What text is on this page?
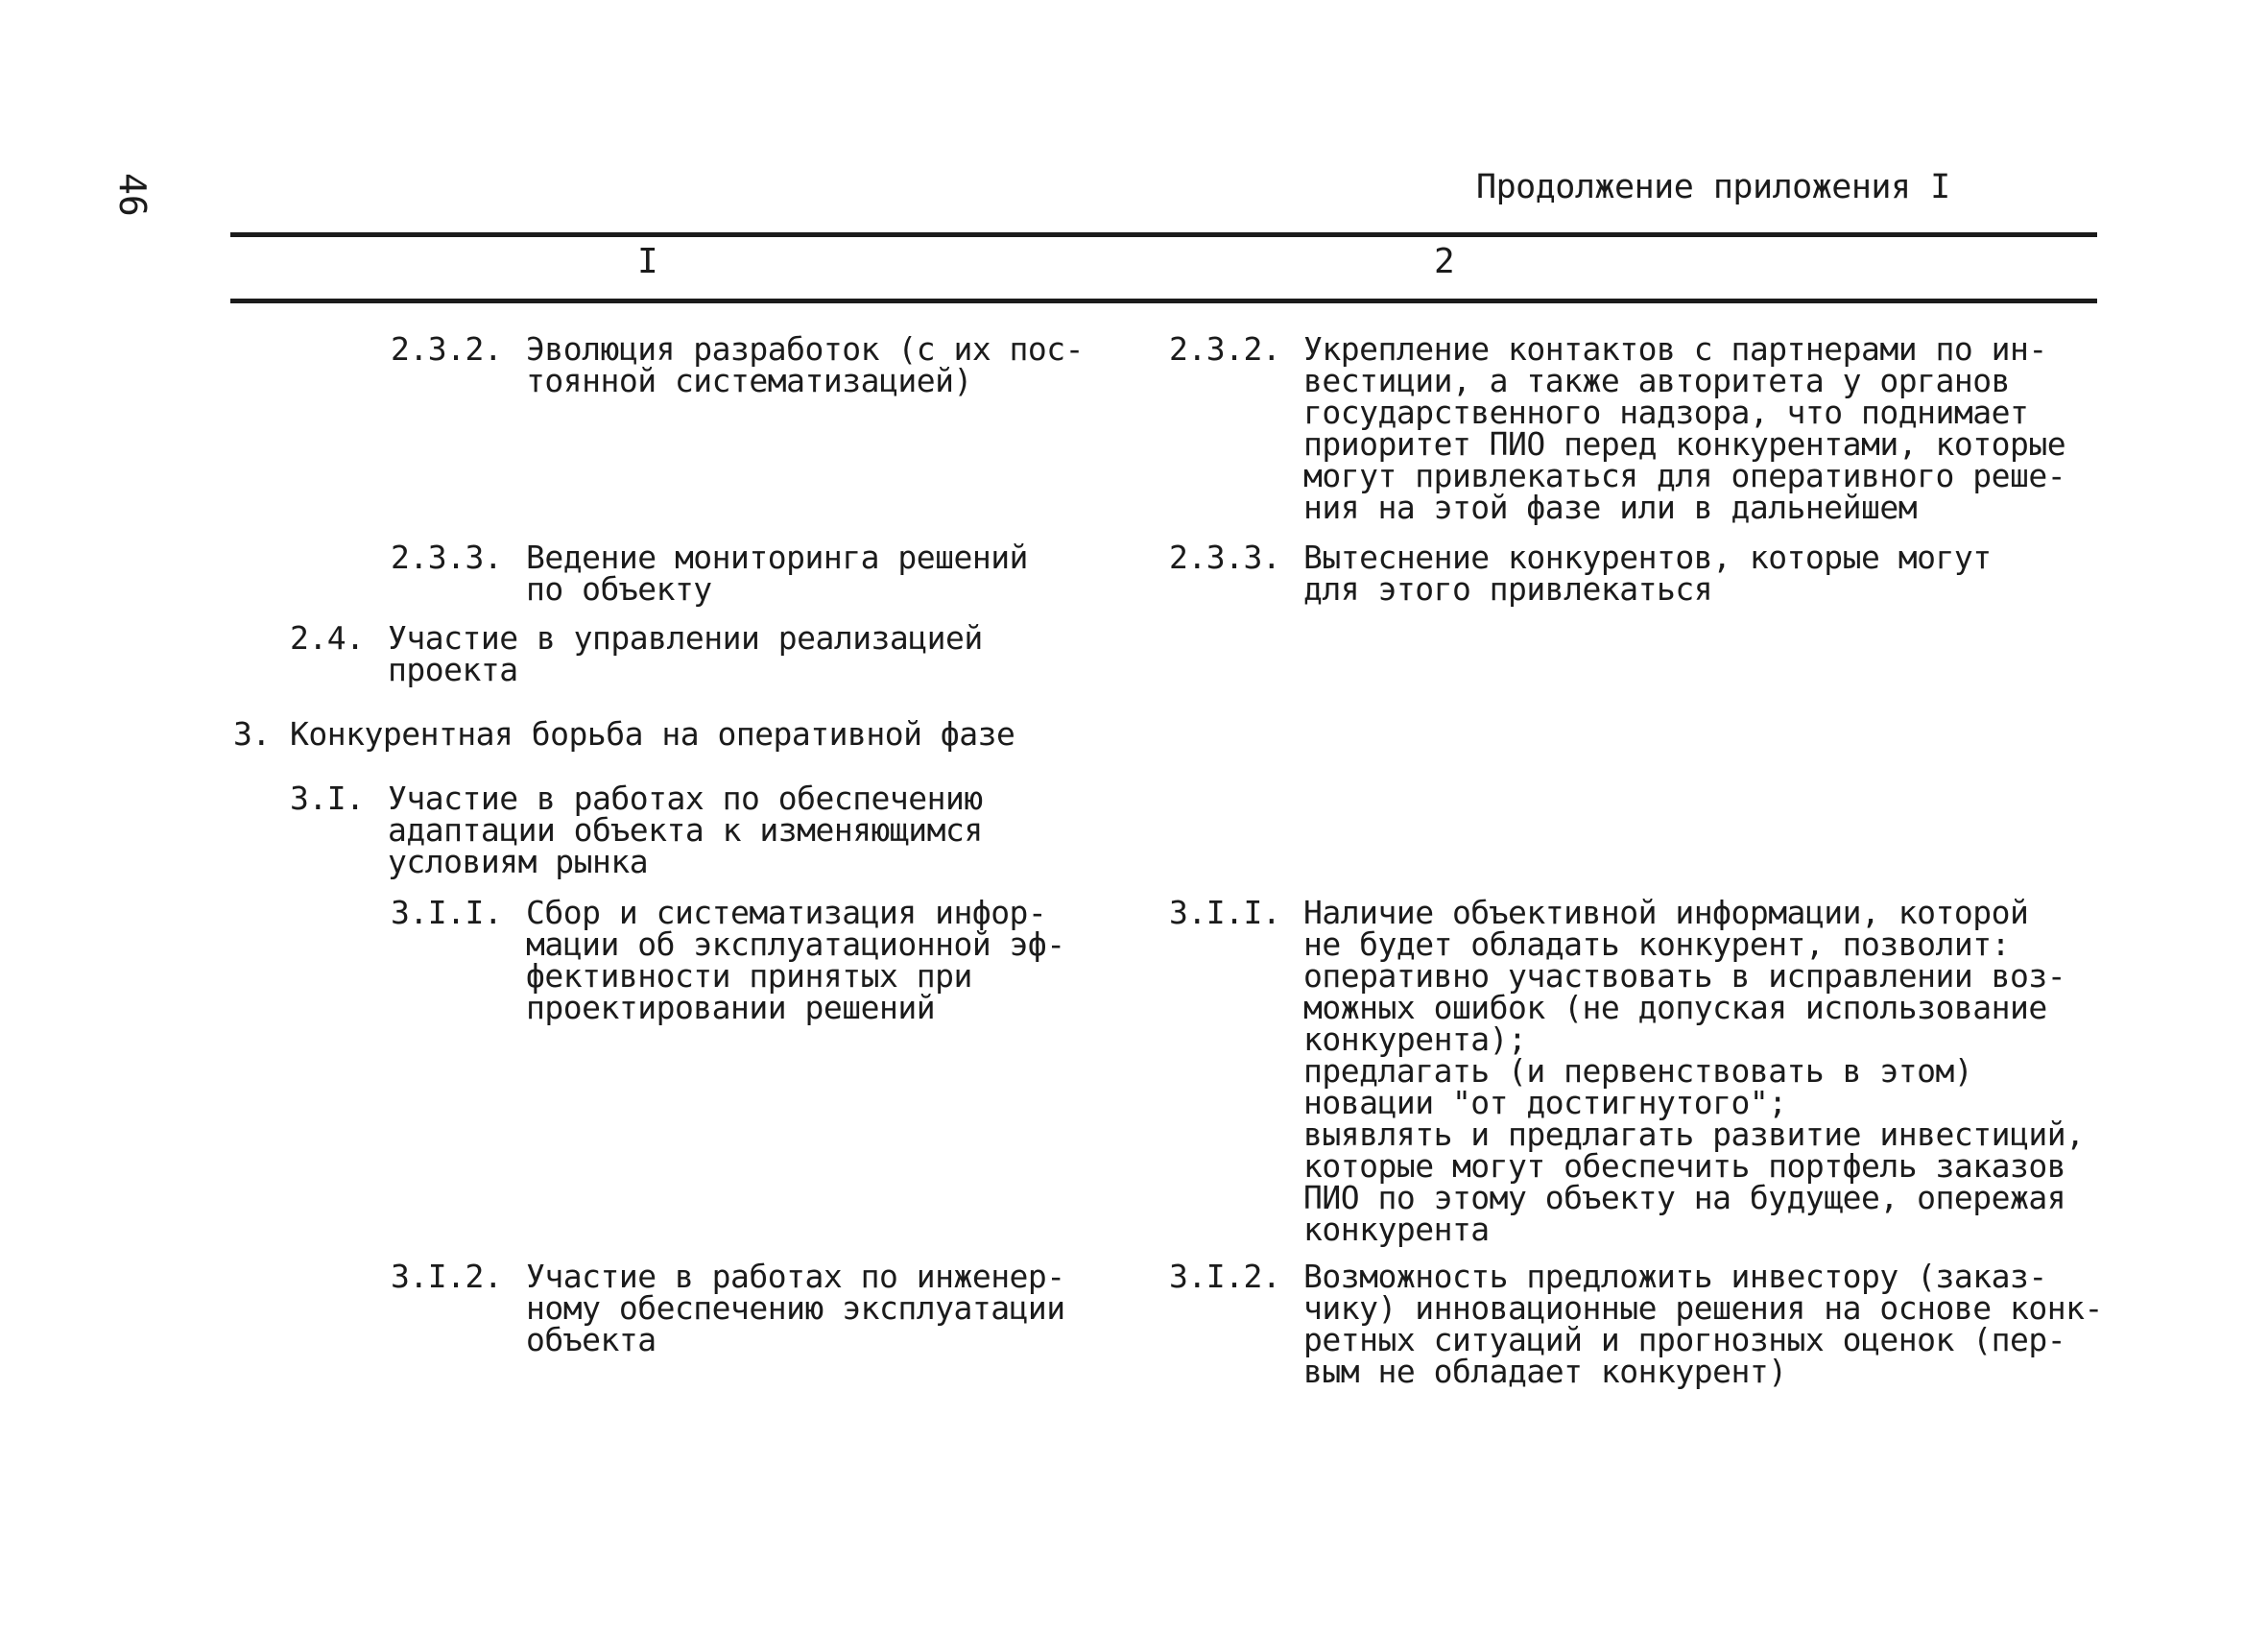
46	Продолжение приложения I
I	2
2.3.2. Эволюция разработок (с их пос-
тоянной систематизацией)
2.3.3. Ведение мониторинга решений
по объекту
2.4. Участие в управлении реализацией
проекта
3. Конкурентная борьба на оперативной фазе
3.I. Участие в работах по обеспечению
адаптации объекта к изменяющимся
условиям рынка
3.I.I. Сбор и систематизация инфор-
мации об эксплуатационной эф-
фективности принятых при
проектировании решений
3.I.2. Участие в работах по инженер-
ному обеспечению эксплуатации
объекта
2.3.2. Укрепление контактов с партнерами по ин-
вестиции, а также авторитета у органов
государственного надзора, что поднимает
приоритет ПИО перед конкурентами, которые
могут привлекаться для оперативного реше-
ния на этой фазе или в дальнейшем
2.3.3. Вытеснение конкурентов, которые могут
для этого привлекаться
3.I.I. Наличие объективной информации, которой
не будет обладать конкурент, позволит:
оперативно участвовать в исправлении воз-
можных ошибок (не допуская использование
конкурента);
предлагать (и первенствовать в этом)
новации "от достигнутого";
выявлять и предлагать развитие инвестиций,
которые могут обеспечить портфель заказов
ПИО по этому объекту на будущее, опережая
конкурента
3.I.2. Возможность предложить инвестору (заказ-
чику) инновационные решения на основе конк-
ретных ситуаций и прогнозных оценок (пер-
вым не обладает конкурент)
